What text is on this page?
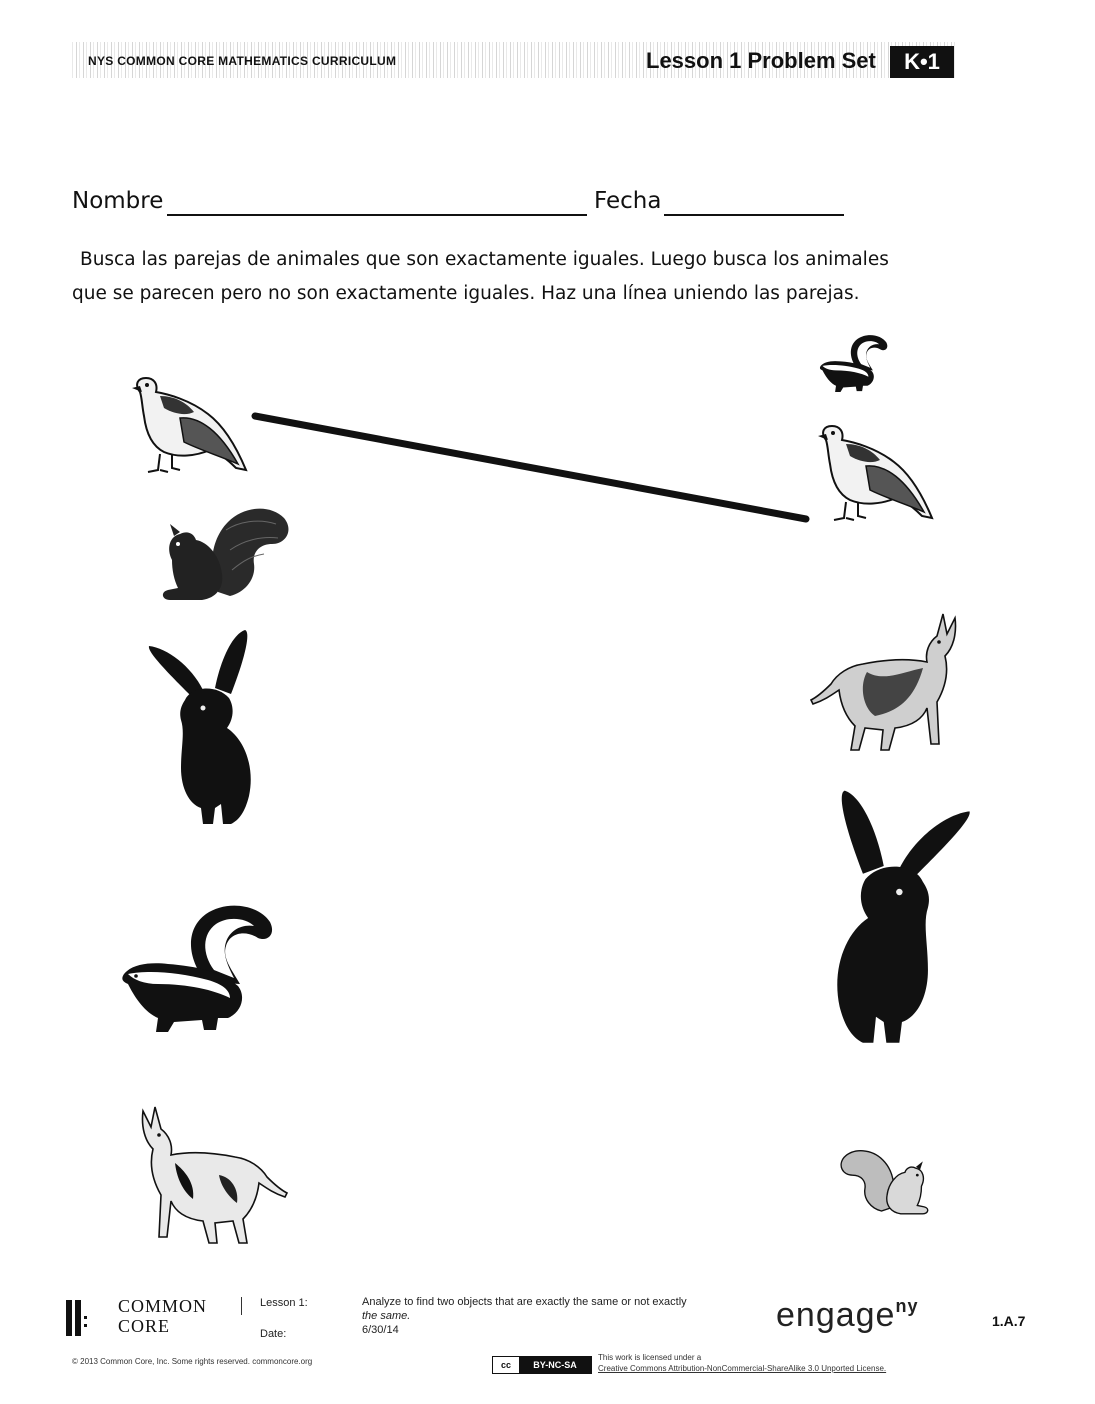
NYS COMMON CORE MATHEMATICS CURRICULUM	Lesson 1 Problem Set	K•1
Nombre	Fecha

Busca las parejas de animales que son exactamente iguales. Luego busca los animales

que se parecen pero no son exactamente iguales. Haz una línea uniendo las parejas.

COMMON
CORE
Lesson 1:
Date:
Analyze to find two objects that are exactly the same or not exactly
the same.
6/30/14	engage$^{ny}$
1.A.7
© 2013 Common Core, Inc. Some rights reserved. commoncore.org	cc	BY-NC-SA
This work is licensed under a
Creative Commons Attribution-NonCommercial-ShareAlike 3.0 Unported License.
